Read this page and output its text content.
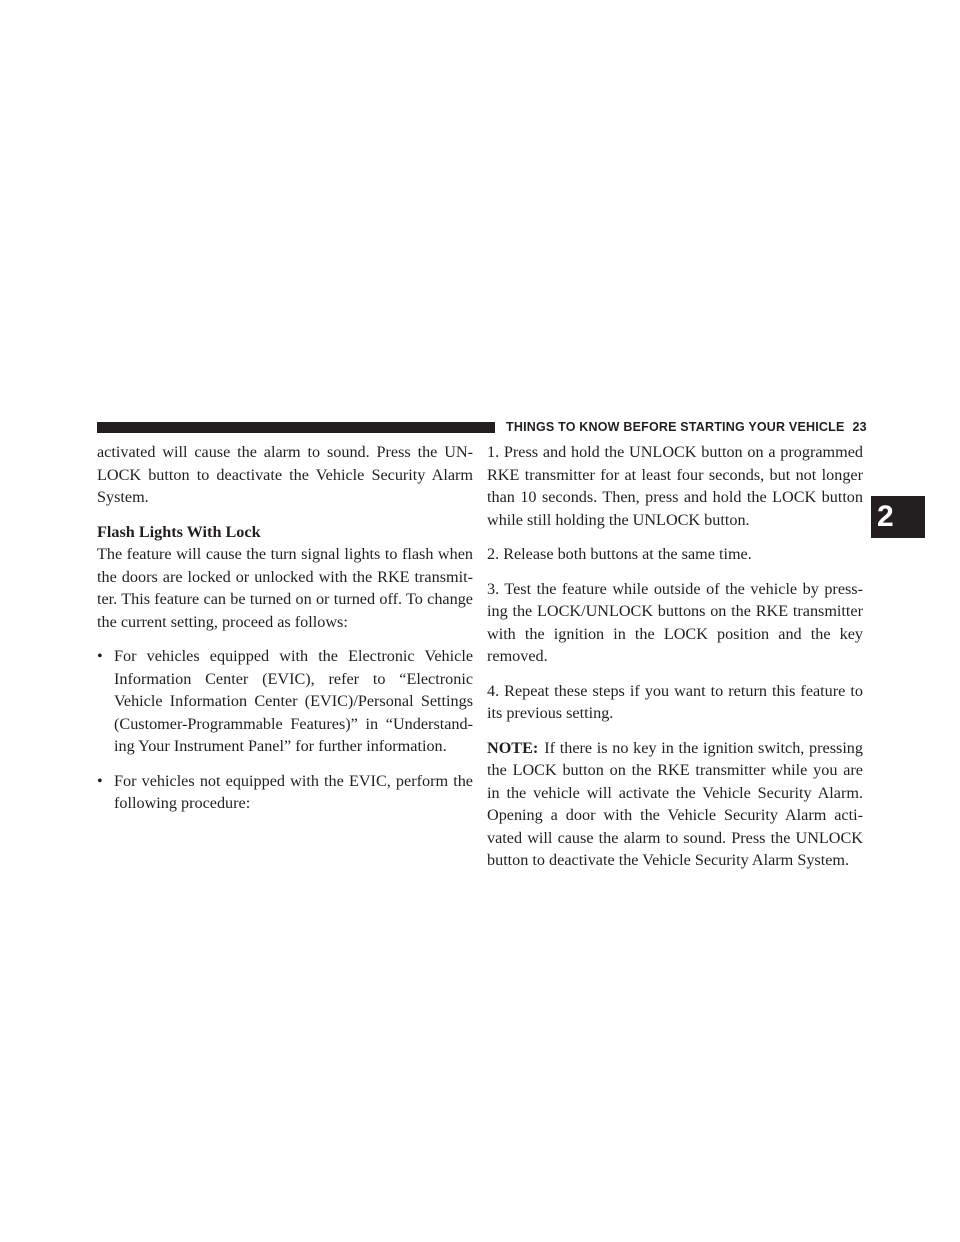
THINGS TO KNOW BEFORE STARTING YOUR VEHICLE 23
2

activated will cause the alarm to sound. Press the UN-LOCK button to deactivate the Vehicle Security Alarm System.

Flash Lights With Lock

The feature will cause the turn signal lights to flash when the doors are locked or unlocked with the RKE transmit-ter. This feature can be turned on or turned off. To change the current setting, proceed as follows:

• For vehicles equipped with the Electronic Vehicle Information Center (EVIC), refer to “Electronic Vehicle Information Center (EVIC)/Personal Settings (Customer-Programmable Features)” in “Understand-ing Your Instrument Panel” for further information.
• For vehicles not equipped with the EVIC, perform the following procedure:

1. Press and hold the UNLOCK button on a programmed RKE transmitter for at least four seconds, but not longer than 10 seconds. Then, press and hold the LOCK button while still holding the UNLOCK button.

2. Release both buttons at the same time.

3. Test the feature while outside of the vehicle by press-ing the LOCK/UNLOCK buttons on the RKE transmitter with the ignition in the LOCK position and the key removed.

4. Repeat these steps if you want to return this feature to its previous setting.

NOTE: If there is no key in the ignition switch, pressing the LOCK button on the RKE transmitter while you are in the vehicle will activate the Vehicle Security Alarm. Opening a door with the Vehicle Security Alarm acti-vated will cause the alarm to sound. Press the UNLOCK button to deactivate the Vehicle Security Alarm System.
